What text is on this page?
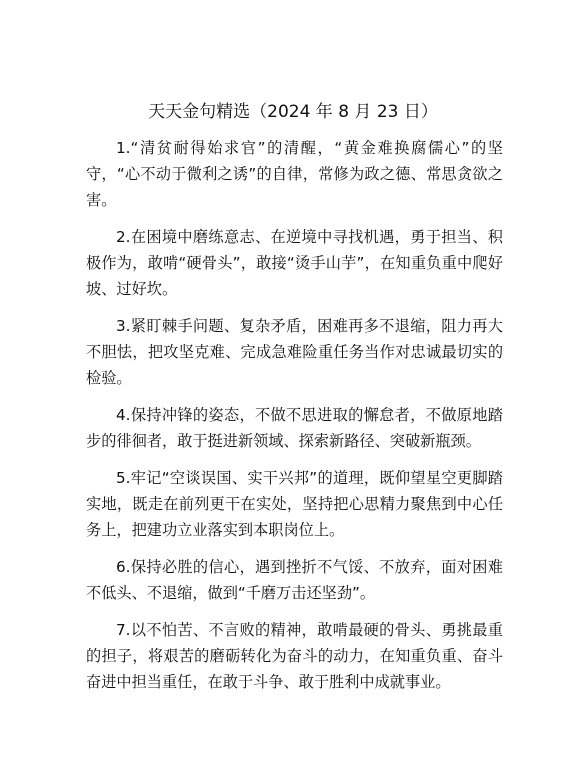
天天金句精选（2024 年 8 月 23 日）

1.“清贫耐得始求官”的清醒，“黄金难换腐儒心”的坚守，“心不动于微利之诱”的自律，常修为政之德、常思贪欲之害。

2.在困境中磨练意志、在逆境中寻找机遇，勇于担当、积极作为，敢啃“硬骨头”，敢接“烫手山芋”，在知重负重中爬好坡、过好坎。

3.紧盯棘手问题、复杂矛盾，困难再多不退缩，阻力再大不胆怯，把攻坚克难、完成急难险重任务当作对忠诚最切实的检验。

4.保持冲锋的姿态，不做不思进取的懈怠者，不做原地踏步的徘徊者，敢于挺进新领域、探索新路径、突破新瓶颈。

5.牢记“空谈误国、实干兴邦”的道理，既仰望星空更脚踏实地，既走在前列更干在实处，坚持把心思精力聚焦到中心任务上，把建功立业落实到本职岗位上。

6.保持必胜的信心，遇到挫折不气馁、不放弃，面对困难不低头、不退缩，做到“千磨万击还坚劲”。

7.以不怕苦、不言败的精神，敢啃最硬的骨头、勇挑最重的担子，将艰苦的磨砺转化为奋斗的动力，在知重负重、奋斗奋进中担当重任，在敢于斗争、敢于胜利中成就事业。
